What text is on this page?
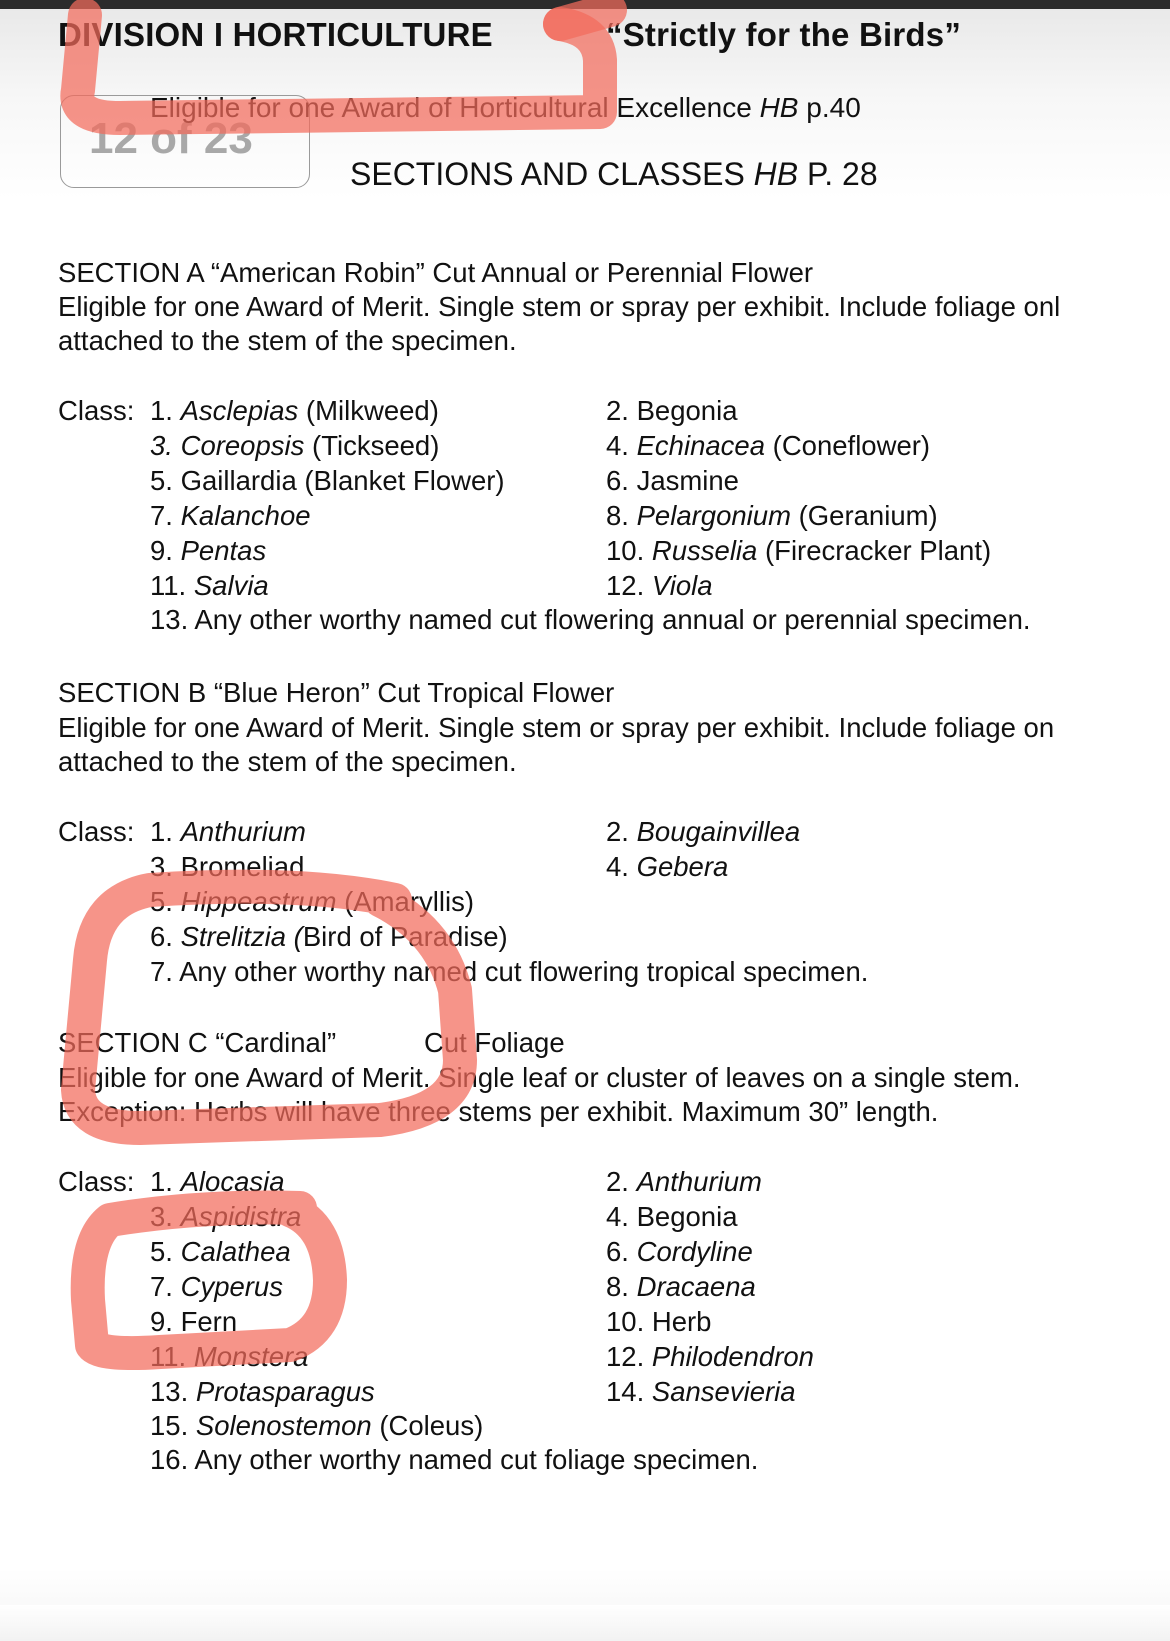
DIVISION I HORTICULTURE	“Strictly for the Birds”
12 of 23
Eligible for one Award of Horticultural Excellence HB p.40
SECTIONS AND CLASSES HB P. 28
SECTION A “American Robin” Cut Annual or Perennial Flower
Eligible for one Award of Merit. Single stem or spray per exhibit. Include foliage onl
attached to the stem of the specimen.
Class: 1. Asclepias (Milkweed)	2. Begonia
3. Coreopsis (Tickseed)	4. Echinacea (Coneflower)
5. Gaillardia (Blanket Flower)	6. Jasmine
7. Kalanchoe	8. Pelargonium (Geranium)
9. Pentas	10. Russelia (Firecracker Plant)
11. Salvia	12. Viola
13. Any other worthy named cut flowering annual or perennial specimen.
SECTION B “Blue Heron” Cut Tropical Flower
Eligible for one Award of Merit. Single stem or spray per exhibit. Include foliage on
attached to the stem of the specimen.
Class: 1. Anthurium	2. Bougainvillea
3. Bromeliad	4. Gebera
5. Hippeastrum (Amaryllis)
6. Strelitzia (Bird of Paradise)
7. Any other worthy named cut flowering tropical specimen.
SECTION C “Cardinal”	Cut Foliage
Eligible for one Award of Merit. Single leaf or cluster of leaves on a single stem.
Exception: Herbs will have three stems per exhibit. Maximum 30” length.
Class: 1. Alocasia	2. Anthurium
3. Aspidistra	4. Begonia
5. Calathea	6. Cordyline
7. Cyperus	8. Dracaena
9. Fern	10. Herb
11. Monstera	12. Philodendron
13. Protasparagus	14. Sansevieria
15. Solenostemon (Coleus)
16. Any other worthy named cut foliage specimen.
